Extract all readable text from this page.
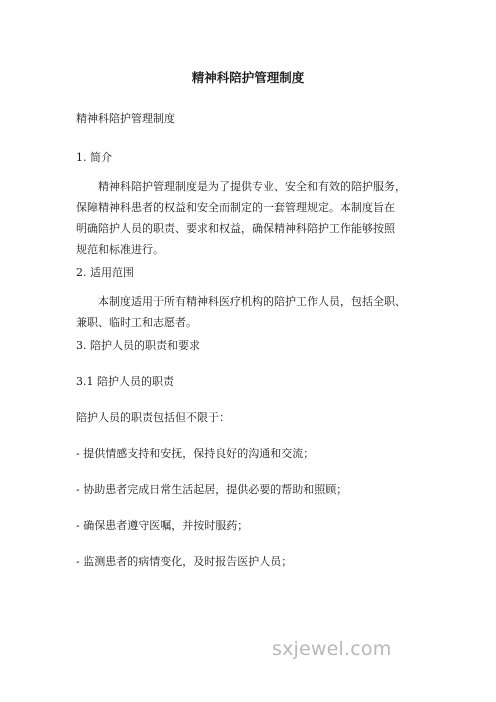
精神科陪护管理制度

精神科陪护管理制度

1. 简介

精神科陪护管理制度是为了提供专业、安全和有效的陪护服务，
保障精神科患者的权益和安全而制定的一套管理规定。本制度旨在
明确陪护人员的职责、要求和权益，确保精神科陪护工作能够按照
规范和标准进行。

2. 适用范围

本制度适用于所有精神科医疗机构的陪护工作人员，包括全职、
兼职、临时工和志愿者。

3. 陪护人员的职责和要求

3.1 陪护人员的职责

陪护人员的职责包括但不限于：

- 提供情感支持和安抚，保持良好的沟通和交流；

- 协助患者完成日常生活起居，提供必要的帮助和照顾；

- 确保患者遵守医嘱，并按时服药；

- 监测患者的病情变化，及时报告医护人员；

sxjewel.com
